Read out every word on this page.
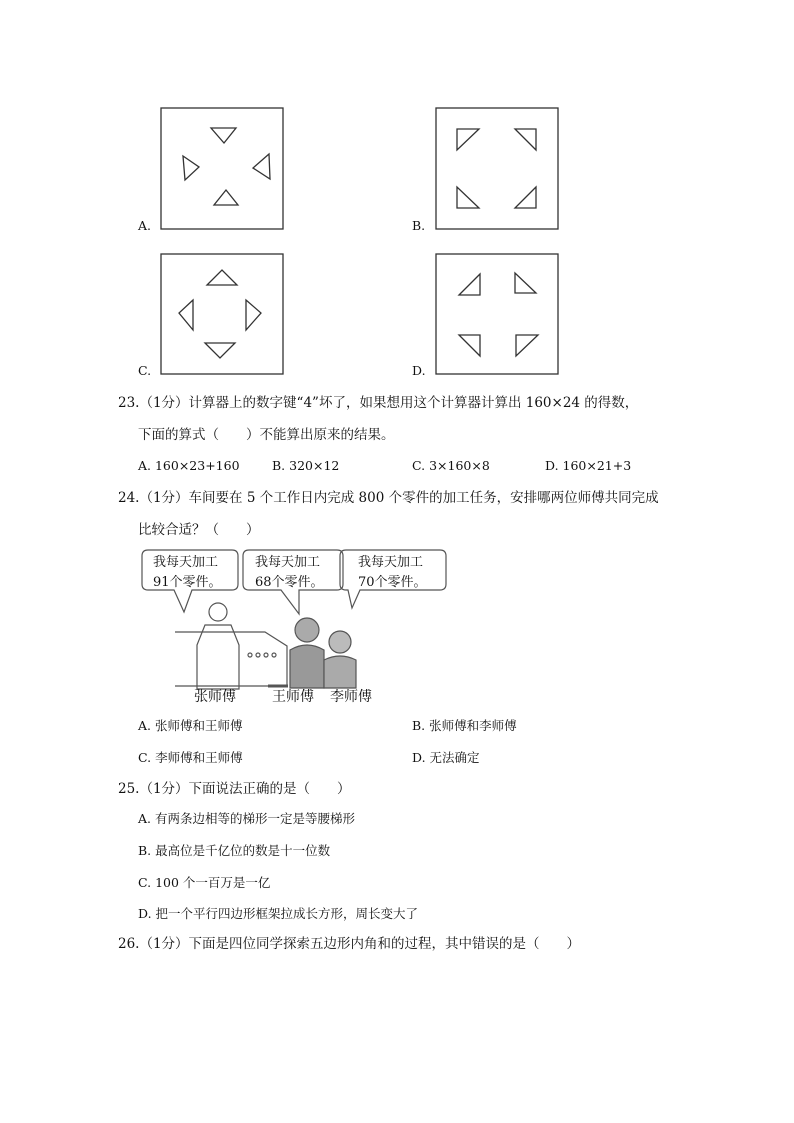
A.	B.
C.	D.
23.（1分）计算器上的数字键“4”坏了，如果想用这个计算器计算出 160×24 的得数，
下面的算式（　　）不能算出原来的结果。
A. 160×23+160	B. 320×12	C. 3×160×8	D. 160×21+3
24.（1分）车间要在 5 个工作日内完成 800 个零件的加工任务，安排哪两位师傅共同完成
比较合适？（　　）
我每天加工
91个零件。
我每天加工
68个零件。
我每天加工
70个零件。
张师傅	王师傅 李师傅
A. 张师傅和王师傅	B. 张师傅和李师傅
C. 李师傅和王师傅	D. 无法确定
25.（1分）下面说法正确的是（　　）
A. 有两条边相等的梯形一定是等腰梯形
B. 最高位是千亿位的数是十一位数
C. 100 个一百万是一亿
D. 把一个平行四边形框架拉成长方形，周长变大了
26.（1分）下面是四位同学探索五边形内角和的过程，其中错误的是（　　）
